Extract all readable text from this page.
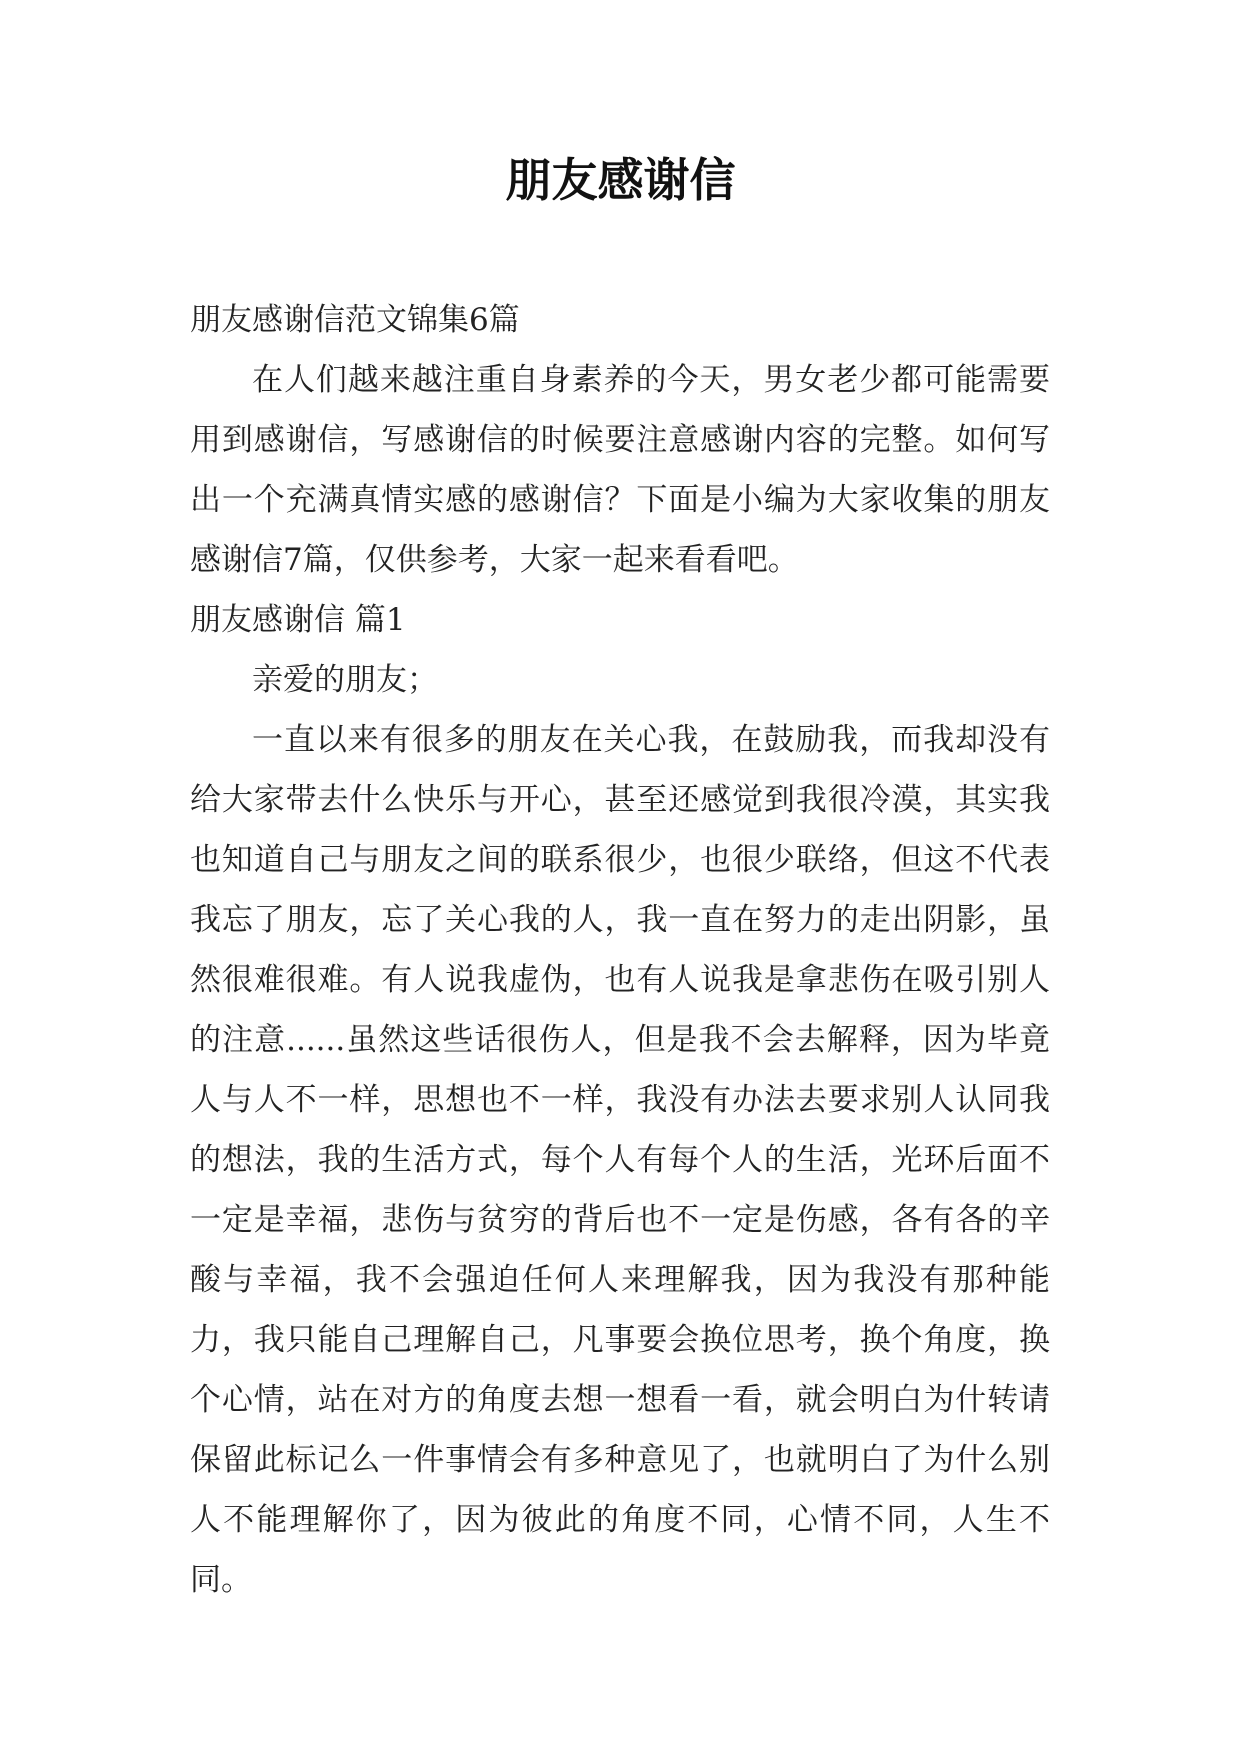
朋友感谢信

朋友感谢信范文锦集6篇

在人们越来越注重自身素养的今天，男女老少都可能需要用到感谢信，写感谢信的时候要注意感谢内容的完整。如何写出一个充满真情实感的感谢信？下面是小编为大家收集的朋友感谢信7篇，仅供参考，大家一起来看看吧。

朋友感谢信 篇1

亲爱的朋友；

一直以来有很多的朋友在关心我，在鼓励我，而我却没有给大家带去什么快乐与开心，甚至还感觉到我很冷漠，其实我也知道自己与朋友之间的联系很少，也很少联络，但这不代表我忘了朋友，忘了关心我的人，我一直在努力的走出阴影，虽然很难很难。有人说我虚伪，也有人说我是拿悲伤在吸引别人的注意......虽然这些话很伤人，但是我不会去解释，因为毕竟人与人不一样，思想也不一样，我没有办法去要求别人认同我的想法，我的生活方式，每个人有每个人的生活，光环后面不一定是幸福，悲伤与贫穷的背后也不一定是伤感，各有各的辛酸与幸福，我不会强迫任何人来理解我，因为我没有那种能力，我只能自己理解自己，凡事要会换位思考，换个角度，换个心情，站在对方的角度去想一想看一看，就会明白为什转请保留此标记么一件事情会有多种意见了，也就明白了为什么别人不能理解你了，因为彼此的角度不同，心情不同，人生不同。
